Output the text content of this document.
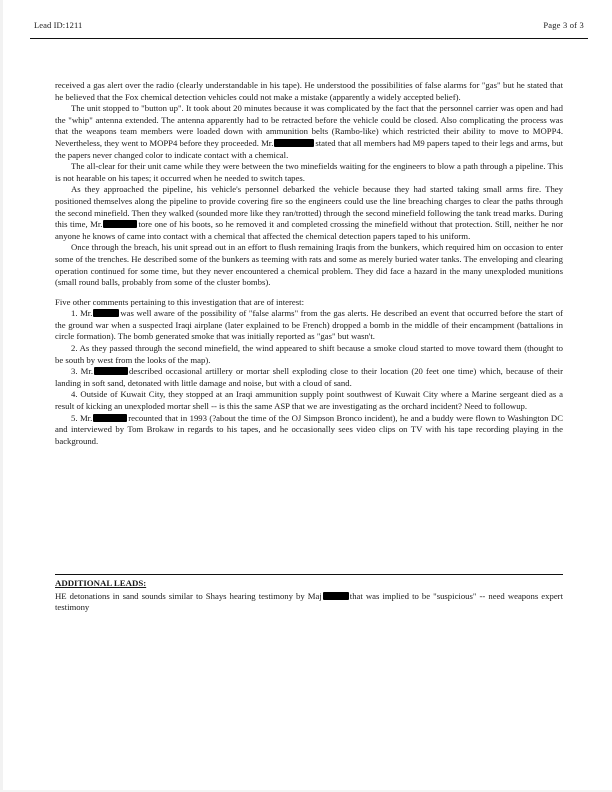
Lead ID:1211	Page 3 of 3

received a gas alert over the radio (clearly understandable in his tape). He understood the possibilities of false alarms for "gas" but he stated that he believed that the Fox chemical detection vehicles could not make a mistake (apparently a widely accepted belief).

The unit stopped to "button up". It took about 20 minutes because it was complicated by the fact that the personnel carrier was open and had the "whip" antenna extended. The antenna apparently had to be retracted before the vehicle could be closed. Also complicating the process was that the weapons team members were loaded down with ammunition belts (Rambo-like) which restricted their ability to move to MOPP4. Nevertheless, they went to MOPP4 before they proceeded. Mr.	stated that all members had M9 papers taped to their legs and arms, but the papers never changed color to indicate contact with a chemical.

The all-clear for their unit came while they were between the two minefields waiting for the engineers to blow a path through a pipeline. This is not hearable on his tapes; it occurred when he needed to switch tapes.

As they approached the pipeline, his vehicle's personnel debarked the vehicle because they had started taking small arms fire. They positioned themselves along the pipeline to provide covering fire so the engineers could use the line breaching charges to clear the paths through the second minefield. Then they walked (sounded more like they ran/trotted) through the second minefield following the tank tread marks. During this time, Mr.	tore one of his boots, so he removed it and completed crossing the minefield without that protection. Still, neither he nor anyone he knows of came into contact with a chemical that affected the chemical detection papers taped to his uniform.

Once through the breach, his unit spread out in an effort to flush remaining Iraqis from the bunkers, which required him on occasion to enter some of the trenches. He described some of the bunkers as teeming with rats and some as merely buried water tanks. The enveloping and clearing operation continued for some time, but they never encountered a chemical problem. They did face a hazard in the many unexploded munitions (small round balls, probably from some of the cluster bombs).

Five other comments pertaining to this investigation that are of interest:

1. Mr.	was well aware of the possibility of "false alarms" from the gas alerts. He described an event that occurred before the start of the ground war when a suspected Iraqi airplane (later explained to be French) dropped a bomb in the middle of their encampment (battalions in circle formation). The bomb generated smoke that was initially reported as "gas" but wasn't.
2. As they passed through the second minefield, the wind appeared to shift because a smoke cloud started to move toward them (thought to be south by west from the looks of the map).
3. Mr.	described occasional artillery or mortar shell exploding close to their location (20 feet one time) which, because of their landing in soft sand, detonated with little damage and noise, but with a cloud of sand.
4. Outside of Kuwait City, they stopped at an Iraqi ammunition supply point southwest of Kuwait City where a Marine sergeant died as a result of kicking an unexploded mortar shell -- is this the same ASP that we are investigating as the orchard incident? Need to followup.
5. Mr.	recounted that in 1993 (?about the time of the OJ Simpson Bronco incident), he and a buddy were flown to Washington DC and interviewed by Tom Brokaw in regards to his tapes, and he occasionally sees video clips on TV with his tape recording playing in the background.
ADDITIONAL LEADS:
HE detonations in sand sounds similar to Shays hearing testimony by Maj	that was implied to be "suspicious" -- need weapons expert testimony
